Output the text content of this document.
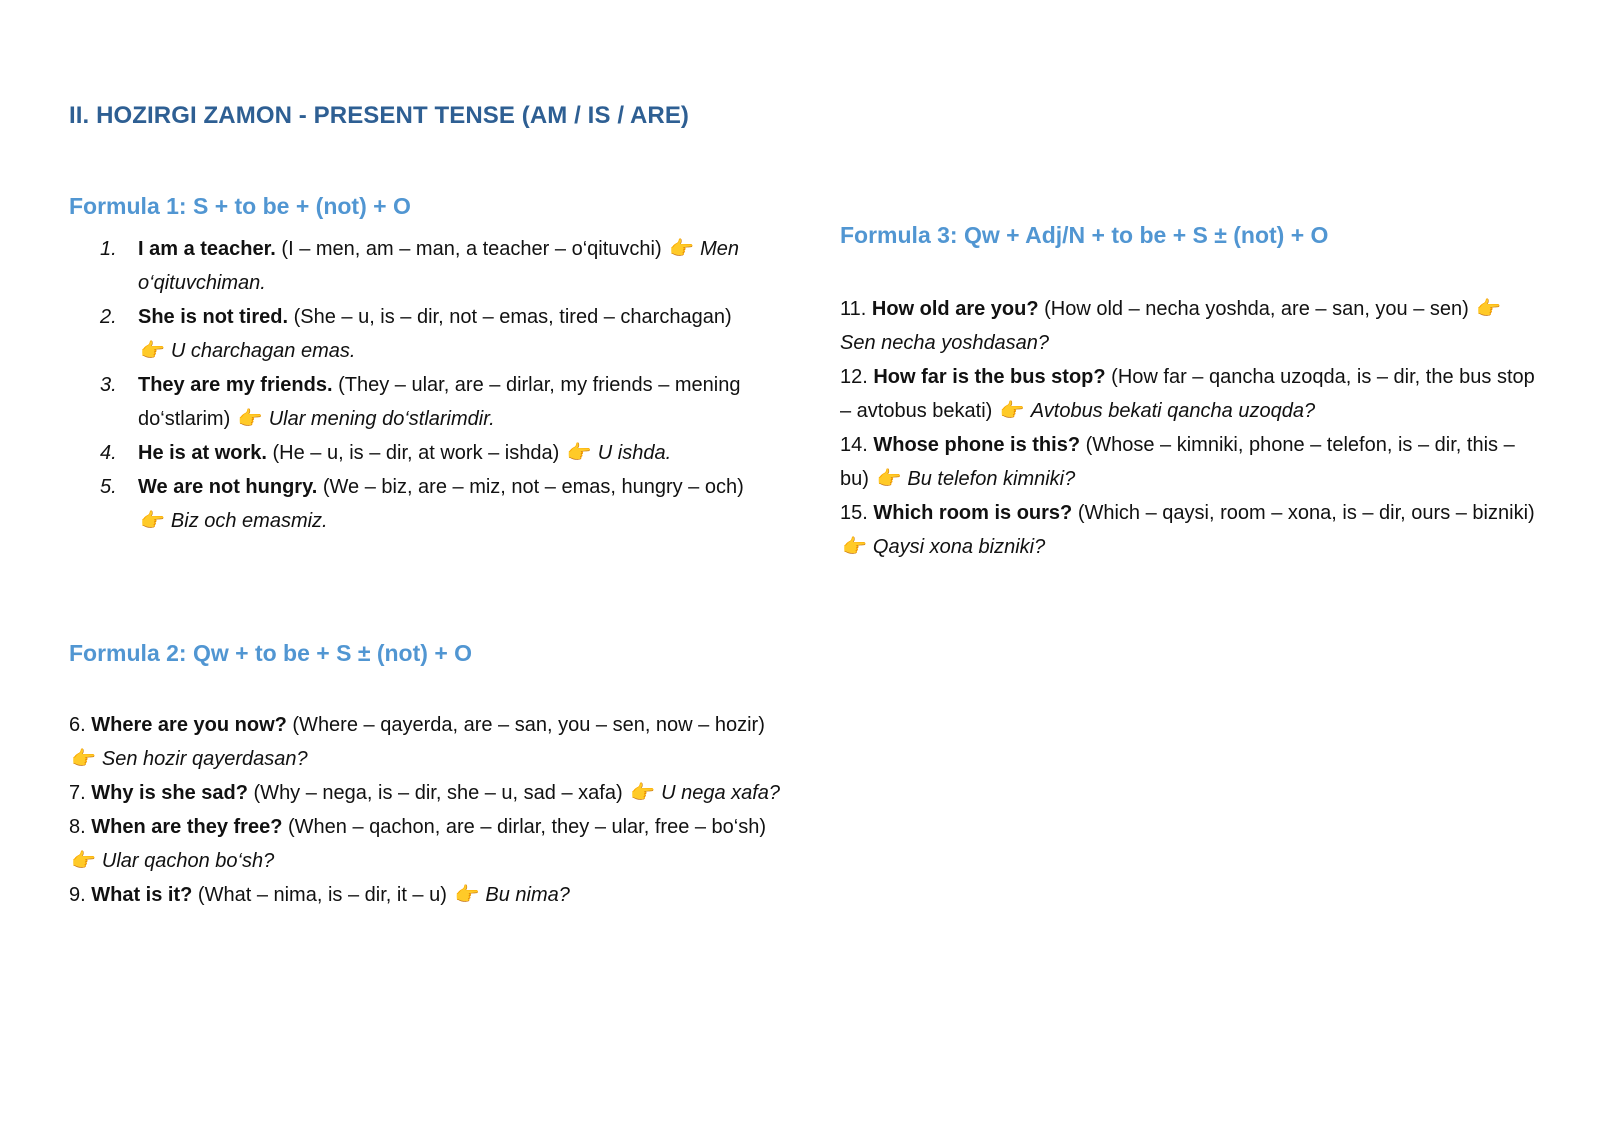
II. HOZIRGI ZAMON - PRESENT TENSE (AM / IS / ARE)
Formula 1: S + to be + (not) + O
1. I am a teacher. (I – men, am – man, a teacher – o‘qituvchi) 👉 Men o‘qituvchiman.
2. She is not tired. (She – u, is – dir, not – emas, tired – charchagan) 👉 U charchagan emas.
3. They are my friends. (They – ular, are – dirlar, my friends – mening do‘stlarim) 👉 Ular mening do‘stlarimdir.
4. He is at work. (He – u, is – dir, at work – ishda) 👉 U ishda.
5. We are not hungry. (We – biz, are – miz, not – emas, hungry – och) 👉 Biz och emasmiz.
Formula 2: Qw + to be + S ± (not) + O
6. Where are you now? (Where – qayerda, are – san, you – sen, now – hozir) 👉 Sen hozir qayerdasan?
7. Why is she sad? (Why – nega, is – dir, she – u, sad – xafa) 👉 U nega xafa?
8. When are they free? (When – qachon, are – dirlar, they – ular, free – bo‘sh) 👉 Ular qachon bo‘sh?
9. What is it? (What – nima, is – dir, it – u) 👉 Bu nima?
Formula 3: Qw + Adj/N + to be + S ± (not) + O
11. How old are you? (How old – necha yoshda, are – san, you – sen) 👉Sen necha yoshdasan?
12. How far is the bus stop? (How far – qancha uzoqda, is – dir, the bus stop – avtobus bekati) 👉 Avtobus bekati qancha uzoqda?
14. Whose phone is this? (Whose – kimniki, phone – telefon, is – dir, this – bu) 👉 Bu telefon kimniki?
15. Which room is ours? (Which – qaysi, room – xona, is – dir, ours – bizniki) 👉 Qaysi xona bizniki?
